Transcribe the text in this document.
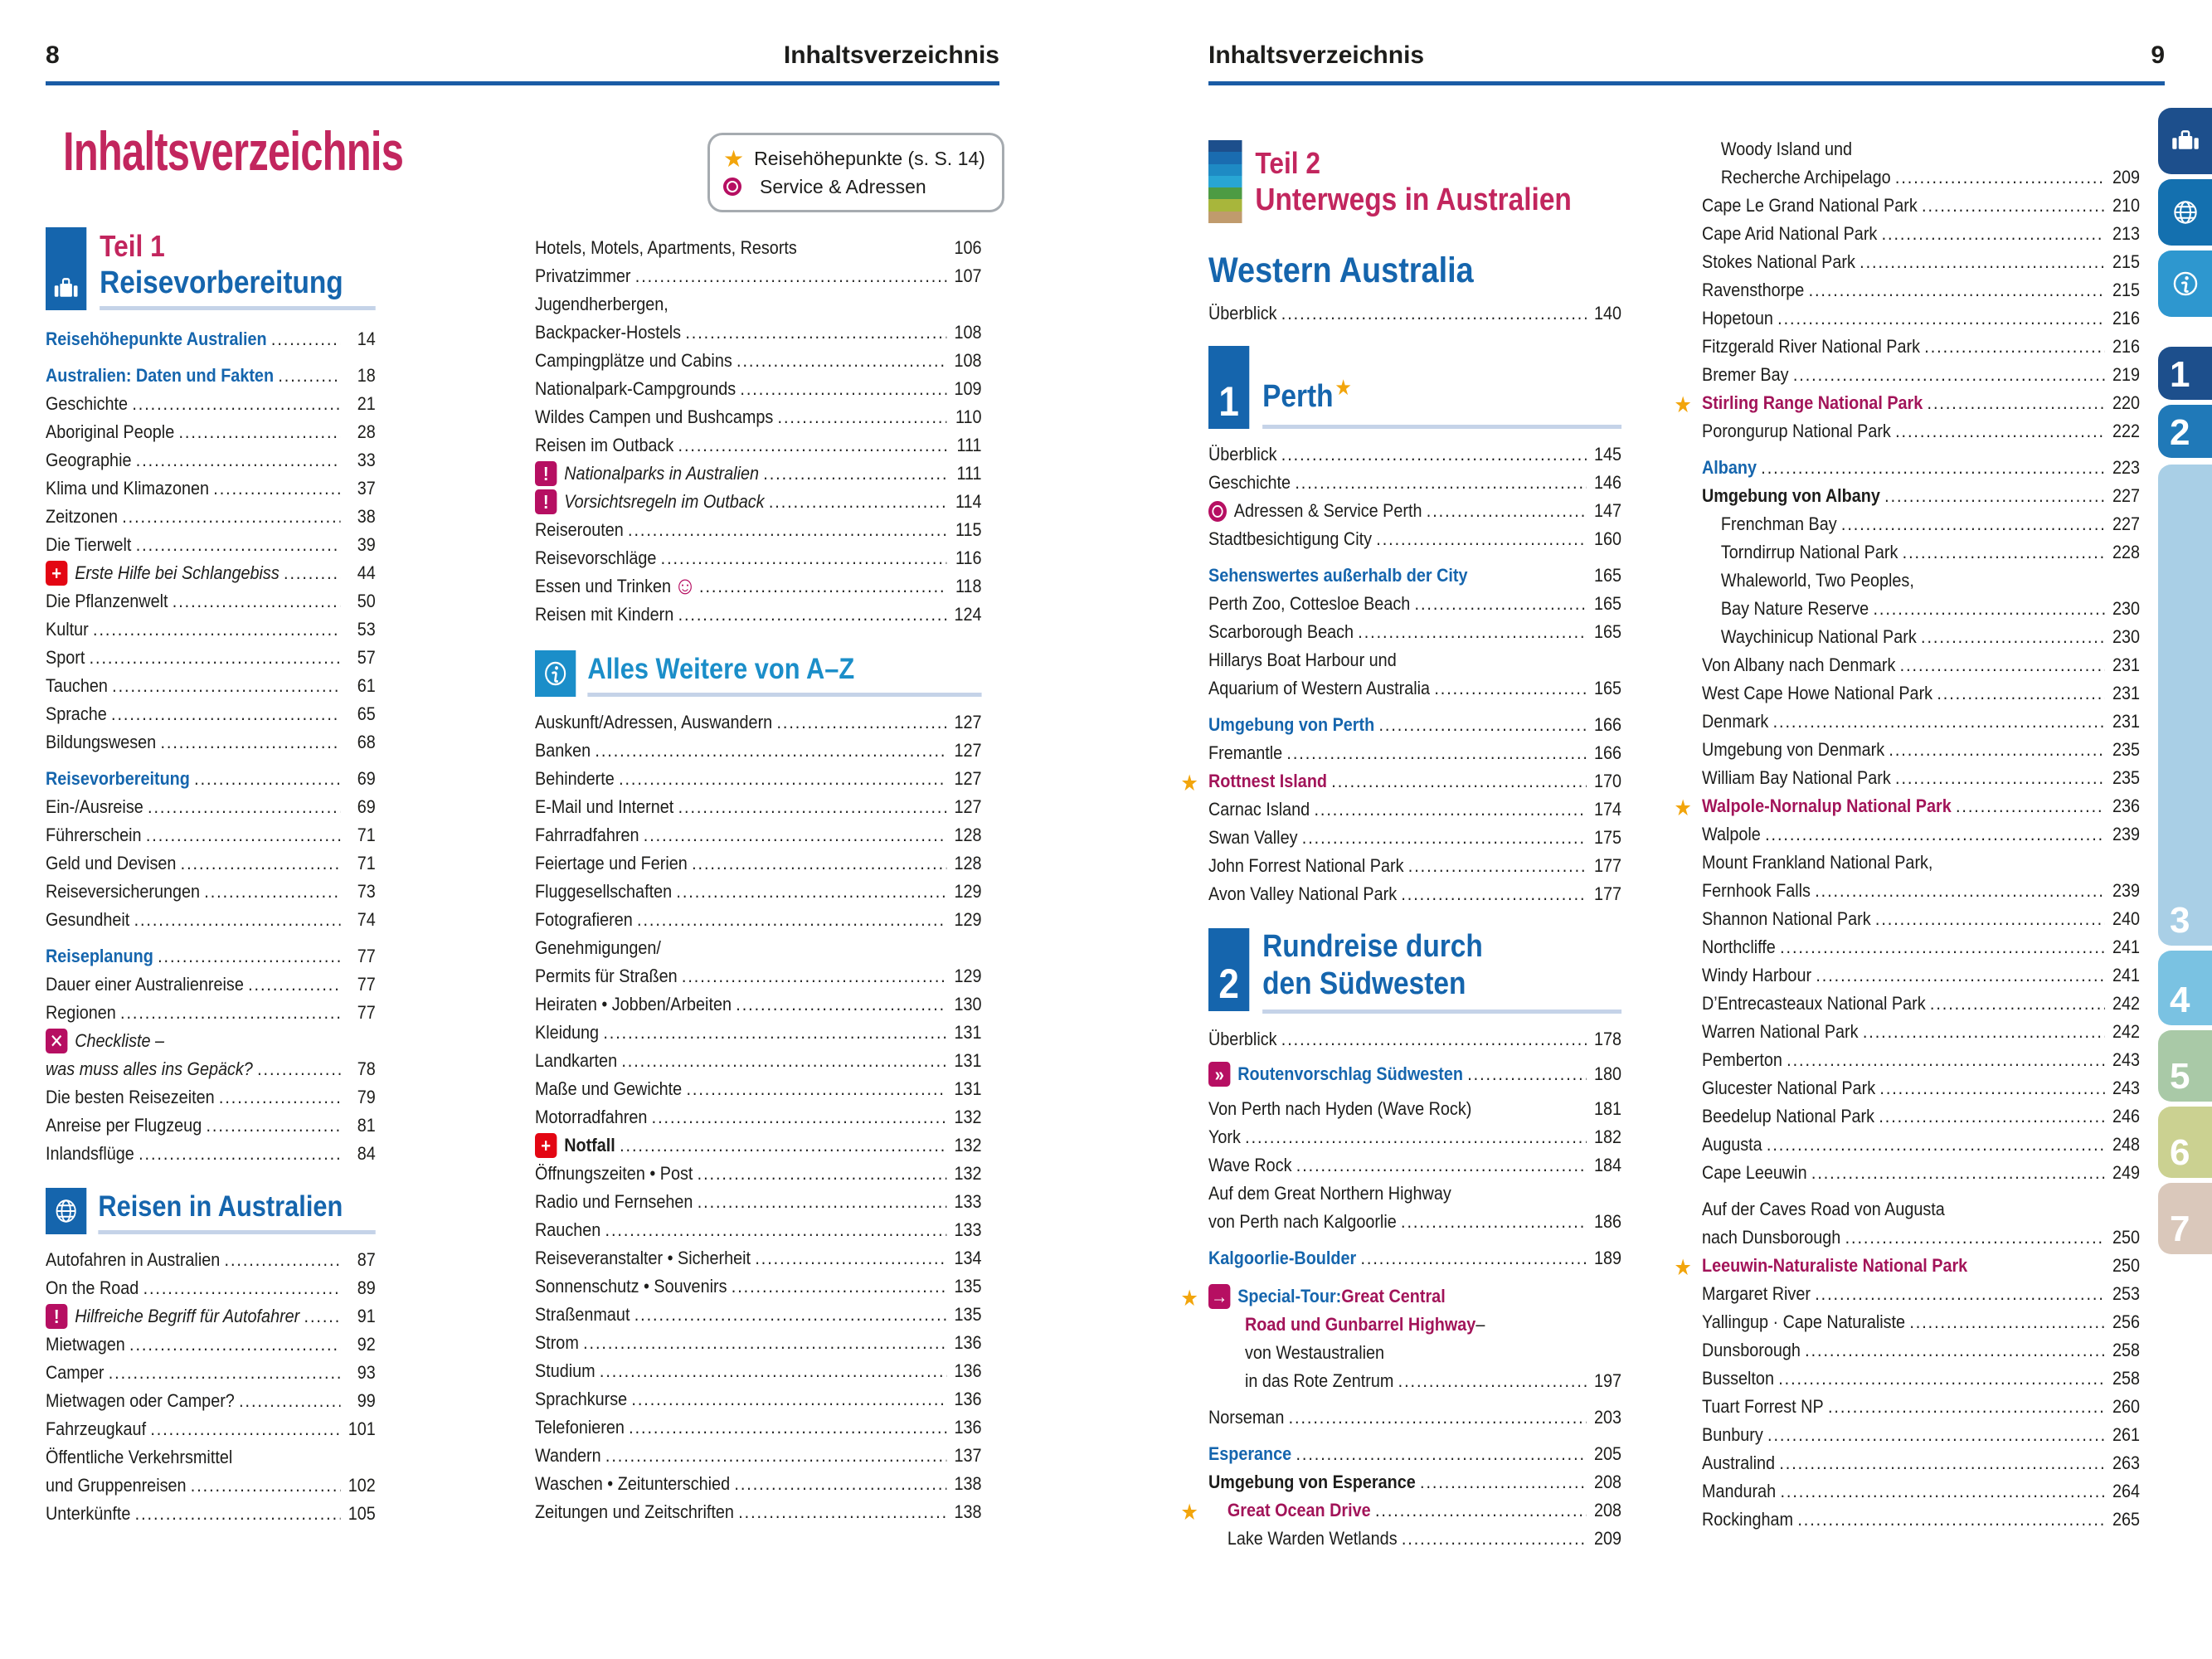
8	Inhaltsverzeichnis	Inhaltsverzeichnis	9
Inhaltsverzeichnis	★ Reisehöhepunkte (s. S. 14)
Service & Adressen
Teil 1
Reisevorbereitung
Reisehöhepunkte Australien .....	14
Australien: Daten und Fakten .....	18
Geschichte .....	21
Aboriginal People .....	28
Geographie .....	33
Klima und Klimazonen .....	37
Zeitzonen .....	38
Die Tierwelt .....	39
+ Erste Hilfe bei Schlangebiss .....	44
Die Pflanzenwelt .....	50
Kultur .....	53
Sport .....	57
Tauchen .....	61
Sprache .....	65
Bildungswesen .....	68
Reisevorbereitung .....	69
Ein-/Ausreise .....	69
Führerschein .....	71
Geld und Devisen .....	71
Reiseversicherungen .....	73
Gesundheit .....	74
Reiseplanung .....	77
Dauer einer Australienreise .....	77
Regionen .....	77
✕ Checkliste –
was muss alles ins Gepäck? .....	78
Die besten Reisezeiten .....	79
Anreise per Flugzeug .....	81
Inlandsflüge .....	84
Reisen in Australien
Autofahren in Australien .....	87
On the Road .....	89
! Hilfreiche Begriff für Autofahrer .....	91
Mietwagen .....	92
Camper .....	93
Mietwagen oder Camper? .....	99
Fahrzeugkauf .....	101
Öffentliche Verkehrsmittel
und Gruppenreisen .....	102
Unterkünfte .....	105
Hotels, Motels, Apartments, Resorts	106
Privatzimmer .....	107
Jugendherbergen,
Backpacker-Hostels .....	108
Campingplätze und Cabins .....	108
Nationalpark-Campgrounds .....	109
Wildes Campen und Bushcamps .....	110
Reisen im Outback .....	111
! Nationalparks in Australien .....	111
! Vorsichtsregeln im Outback .....	114
Reiserouten .....	115
Reisevorschläge .....	116
Essen und Trinken ☺ .....	118
Reisen mit Kindern .....	124
Alles Weitere von A–Z
Auskunft/Adressen, Auswandern .....	127
Banken .....	127
Behinderte .....	127
E-Mail und Internet .....	127
Fahrradfahren .....	128
Feiertage und Ferien .....	128
Fluggesellschaften .....	129
Fotografieren .....	129
Genehmigungen/
Permits für Straßen .....	129
Heiraten • Jobben/Arbeiten .....	130
Kleidung .....	131
Landkarten .....	131
Maße und Gewichte .....	131
Motorradfahren .....	132
+ Notfall .....	132
Öffnungszeiten • Post .....	132
Radio und Fernsehen .....	133
Rauchen .....	133
Reiseveranstalter • Sicherheit .....	134
Sonnenschutz • Souvenirs .....	135
Straßenmaut .....	135
Strom .....	136
Studium .....	136
Sprachkurse .....	136
Telefonieren .....	136
Wandern .....	137
Waschen • Zeitunterschied .....	138
Zeitungen und Zeitschriften .....	138
Teil 2
Unterwegs in Australien
Western Australia
Überblick .....	140
1 Perth★
Überblick .....	145
Geschichte .....	146
Adressen & Service Perth .....	147
Stadtbesichtigung City .....	160
Sehenswertes außerhalb der City	165
Perth Zoo, Cottesloe Beach .....	165
Scarborough Beach .....	165
Hillarys Boat Harbour und
Aquarium of Western Australia .....	165
Umgebung von Perth .....	166
Fremantle .....	166
★ Rottnest Island .....	170
Carnac Island .....	174
Swan Valley .....	175
John Forrest National Park .....	177
Avon Valley National Park .....	177
2
Rundreise durch
den Südwesten
Überblick .....	178
» Routenvorschlag Südwesten .....	180
Von Perth nach Hyden (Wave Rock)	181
York .....	182
Wave Rock .....	184
Auf dem Great Northern Highway
von Perth nach Kalgoorlie .....	186
Kalgoorlie-Boulder .....	189
★ → Special-Tour: Great Central
Road und Gunbarrel Highway –
von Westaustralien
in das Rote Zentrum .....	197
Norseman .....	203
Esperance .....	205
Umgebung von Esperance .....	208
★ Great Ocean Drive .....	208
Lake Warden Wetlands .....	209
Woody Island und
Recherche Archipelago .....	209
Cape Le Grand National Park .....	210
Cape Arid National Park .....	213
Stokes National Park .....	215
Ravensthorpe .....	215
Hopetoun .....	216
Fitzgerald River National Park .....	216
Bremer Bay .....	219
★ Stirling Range National Park .....	220
Porongurup National Park .....	222
Albany .....	223
Umgebung von Albany .....	227
Frenchman Bay .....	227
Torndirrup National Park .....	228
Whaleworld, Two Peoples,
Bay Nature Reserve .....	230
Waychinicup National Park .....	230
Von Albany nach Denmark .....	231
West Cape Howe National Park .....	231
Denmark .....	231
Umgebung von Denmark .....	235
William Bay National Park .....	235
★ Walpole-Nornalup National Park .....	236
Walpole .....	239
Mount Frankland National Park,
Fernhook Falls .....	239
Shannon National Park .....	240
Northcliffe .....	241
Windy Harbour .....	241
D’Entrecasteaux National Park .....	242
Warren National Park .....	242
Pemberton .....	243
Glucester National Park .....	243
Beedelup National Park .....	246
Augusta .....	248
Cape Leeuwin .....	249
Auf der Caves Road von Augusta
nach Dunsborough .....	250
★ Leeuwin-Naturaliste National Park	250
Margaret River .....	253
Yallingup · Cape Naturaliste .....	256
Dunsborough .....	258
Busselton .....	258
Tuart Forrest NP .....	260
Bunbury .....	261
Australind .....	263
Mandurah .....	264
Rockingham .....	265
1
2
3
4
5
6
7
